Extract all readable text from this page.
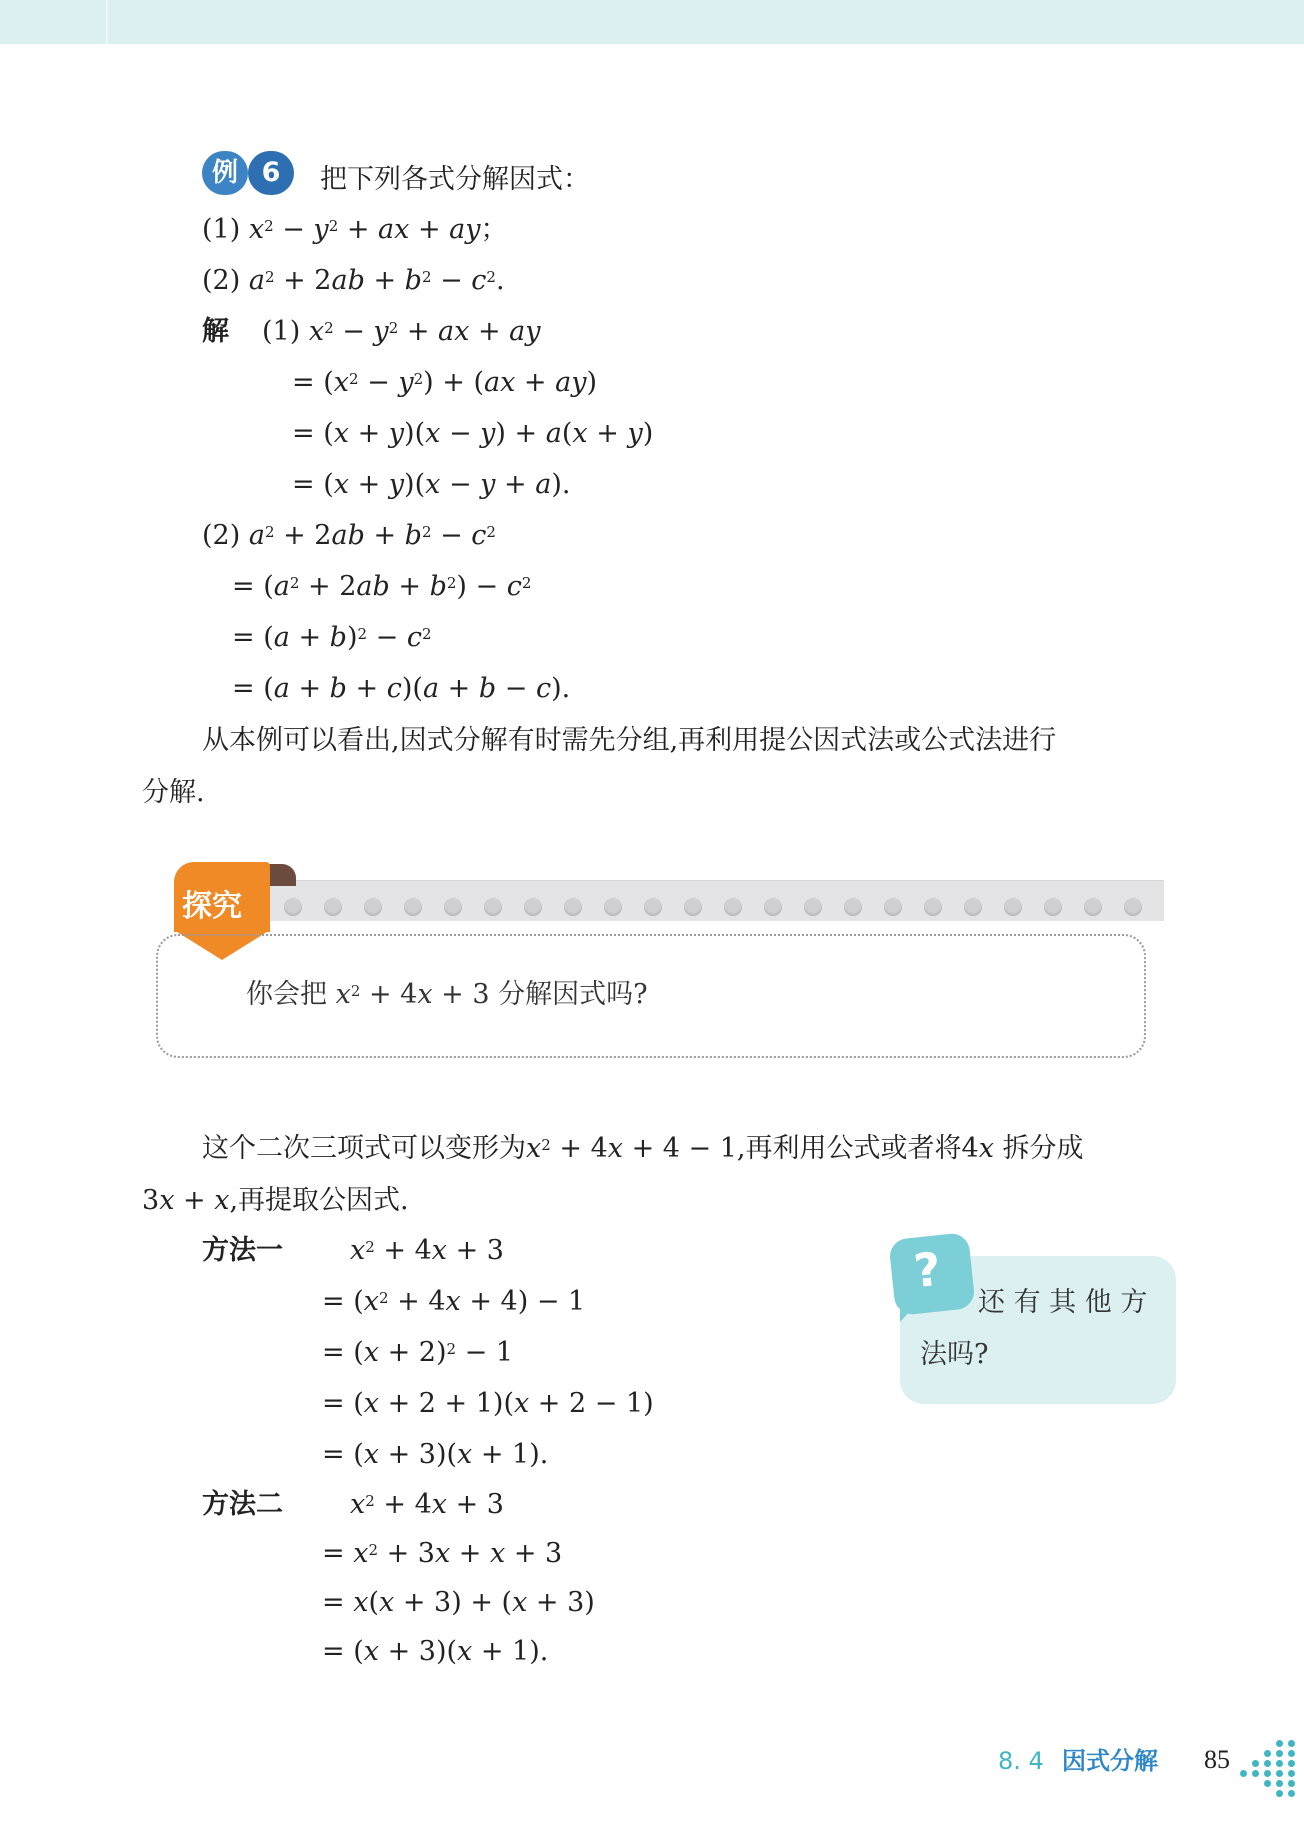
例 6	把下列各式分解因式：
(1) $x^2 - y^2$ + ax + ay；
(2) $a^2 + 2ab + b^2 - c^2$.
解 (1) $x^2 - y^2$ + ax + ay
= $(x^2 - y^2) + (ax + ay)$
= (x + y)(x − y) + a(x + y)
= (x + y)(x − y + a).
(2) $a^2 + 2ab + b^2 - c^2$
= $(a^2 + 2ab + b^2) - c^2$
= $(a + b)^2 - c^2$
= (a + b + c)(a + b − c).
从本例可以看出,因式分解有时需先分组,再利用提公因式法或公式法进行
分解.
探究
你会把 $x^2 + 4x + 3$ 分解因式吗?
这个二次三项式可以变形为$x^2 + 4x + 4 - 1$,再利用公式或者将4x 拆分成
3x + x,再提取公因式.
方法一 $x^2 + 4x + 3$
= $(x^2 + 4x + 4) - 1$
= $(x + 2)^2 - 1$
= (x + 2 + 1)(x + 2 − 1)
= (x + 3)(x + 1).
方法二 $x^2 + 4x + 3$
= $x^2 + 3x + x + 3$
= x(x + 3) + (x + 3)
= (x + 3)(x + 1).
?
还 有 其 他 方
法吗?
8. 4 因式分解 85
